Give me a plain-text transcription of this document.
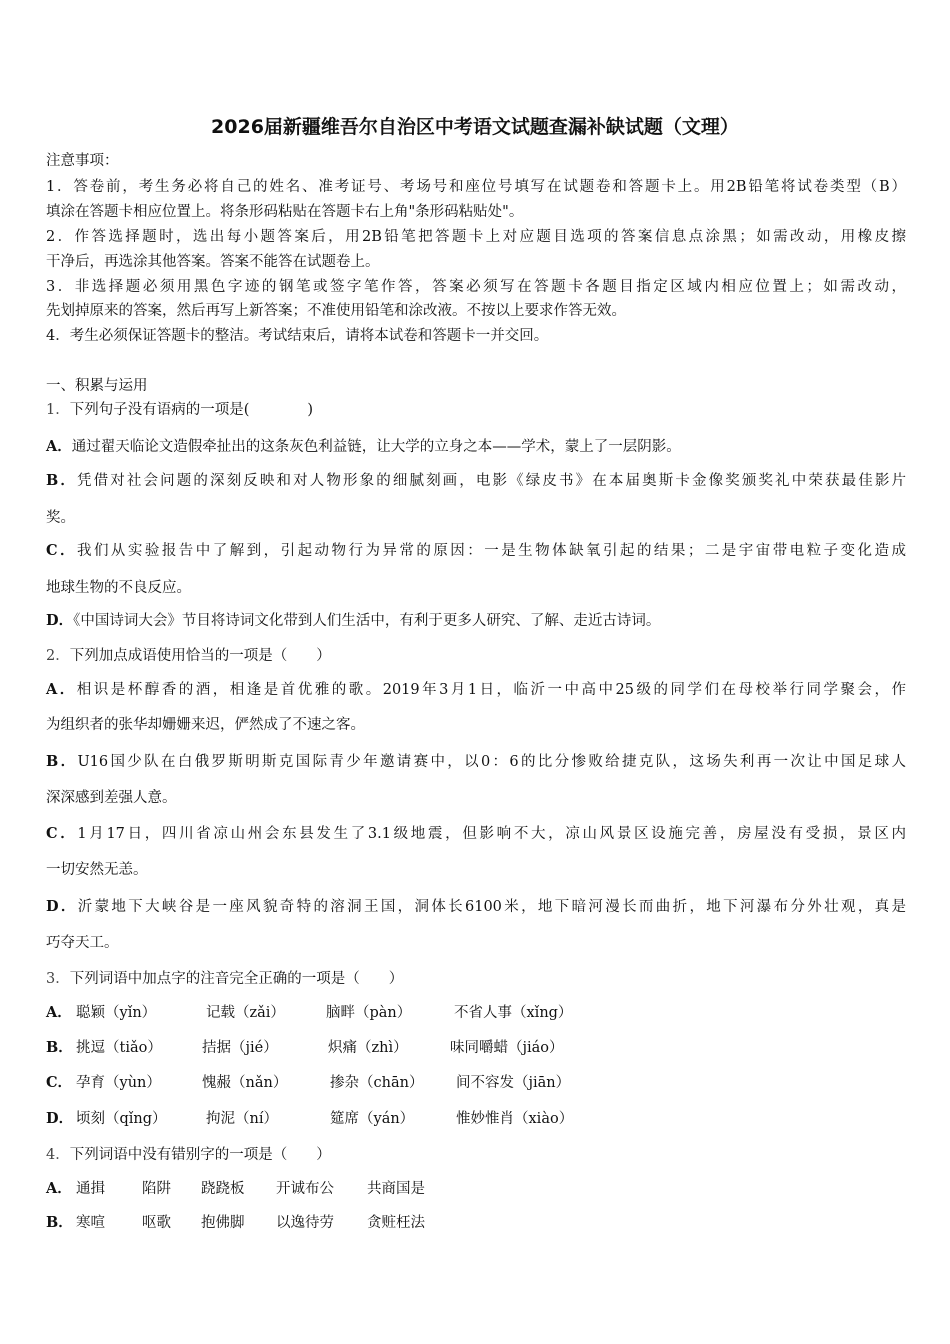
2026届新疆维吾尔自治区中考语文试题查漏补缺试题（文理）
注意事项：
1．答卷前，考生务必将自己的姓名、准考证号、考场号和座位号填写在试题卷和答题卡上。用2B铅笔将试卷类型（B）
填涂在答题卡相应位置上。将条形码粘贴在答题卡右上角"条形码粘贴处"。
2．作答选择题时，选出每小题答案后，用2B铅笔把答题卡上对应题目选项的答案信息点涂黑；如需改动，用橡皮擦
干净后，再选涂其他答案。答案不能答在试题卷上。
3．非选择题必须用黑色字迹的钢笔或签字笔作答，答案必须写在答题卡各题目指定区域内相应位置上；如需改动，
先划掉原来的答案，然后再写上新答案；不准使用铅笔和涂改液。不按以上要求作答无效。
4．考生必须保证答题卡的整洁。考试结束后，请将本试卷和答题卡一并交回。
一、积累与运用
1．下列句子没有语病的一项是(　　　　)
A．通过翟天临论文造假牵扯出的这条灰色利益链，让大学的立身之本——学术，蒙上了一层阴影。
B．凭借对社会问题的深刻反映和对人物形象的细腻刻画，电影《绿皮书》在本届奥斯卡金像奖颁奖礼中荣获最佳影片
奖。
C．我们从实验报告中了解到，引起动物行为异常的原因：一是生物体缺氧引起的结果；二是宇宙带电粒子变化造成
地球生物的不良反应。
D．《中国诗词大会》节目将诗词文化带到人们生活中，有利于更多人研究、了解、走近古诗词。
2．下列加点成语使用恰当的一项是（　　）
A．相识是杯醇香的酒，相逢是首优雅的歌。2019年3月1日，临沂一中高中25级的同学们在母校举行同学聚会，作
为组织者的张华却姗姗来迟，俨然成了不速之客。
B．U16国少队在白俄罗斯明斯克国际青少年邀请赛中，以0：6的比分惨败给捷克队，这场失利再一次让中国足球人
深深感到差强人意。
C．1月17日，四川省凉山州会东县发生了3.1级地震，但影响不大，凉山风景区设施完善，房屋没有受损，景区内
一切安然无恙。
D．沂蒙地下大峡谷是一座风貌奇特的溶洞王国，洞体长6100米，地下暗河漫长而曲折，地下河瀑布分外壮观，真是
巧夺天工。
3．下列词语中加点字的注音完全正确的一项是（　　）
A． 聪颖（yǐn）	记载（zǎi）	脑畔（pàn）	不省人事（xǐng）
B． 挑逗（tiǎo）	拮据（jié）	炽痛（zhì）	味同嚼蜡（jiáo）
C． 孕育（yùn）	愧赧（nǎn）	掺杂（chān） 间不容发（jiān）
D． 顷刻（qǐng）	拘泥（ní）	筵席（yán）	惟妙惟肖（xiào）
4．下列词语中没有错别字的一项是（　　）
A． 通揖	陷阱 跷跷板 开诚布公 共商国是
B． 寒喧	呕歌 抱佛脚 以逸待劳 贪赃枉法
